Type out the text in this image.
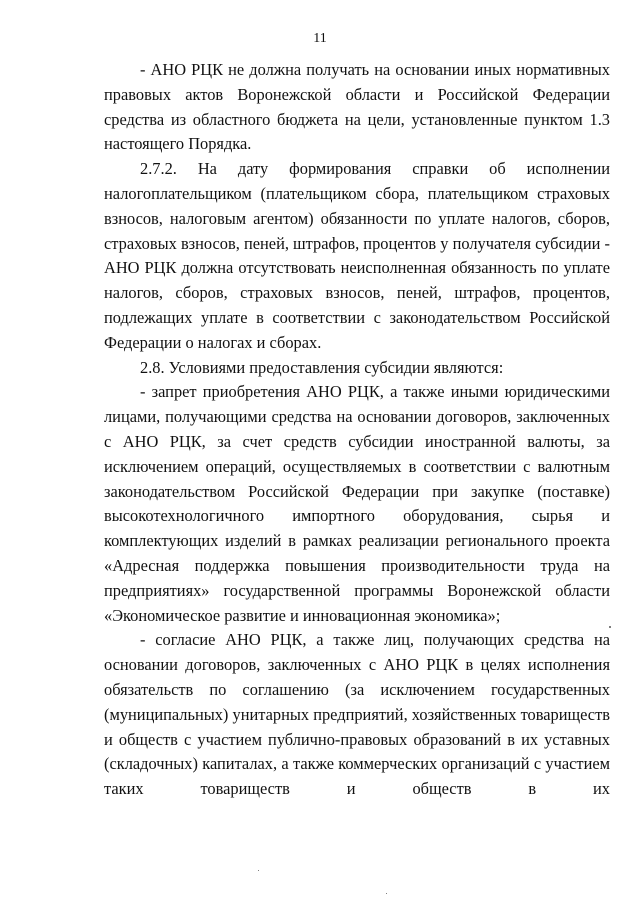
11

- АНО РЦК не должна получать на основании иных нормативных правовых актов Воронежской области и Российской Федерации средства из областного бюджета на цели, установленные пунктом 1.3 настоящего Порядка.

2.7.2. На дату формирования справки об исполнении налогоплательщиком (плательщиком сбора, плательщиком страховых взносов, налоговым агентом) обязанности по уплате налогов, сборов, страховых взносов, пеней, штрафов, процентов у получателя субсидии - АНО РЦК должна отсутствовать неисполненная обязанность по уплате налогов, сборов, страховых взносов, пеней, штрафов, процентов, подлежащих уплате в соответствии с законодательством Российской Федерации о налогах и сборах.

2.8. Условиями предоставления субсидии являются:

- запрет приобретения АНО РЦК, а также иными юридическими лицами, получающими средства на основании договоров, заключенных с АНО РЦК, за счет средств субсидии иностранной валюты, за исключением операций, осуществляемых в соответствии с валютным законодательством Российской Федерации при закупке (поставке) высокотехнологичного импортного оборудования, сырья и комплектующих изделий в рамках реализации регионального проекта «Адресная поддержка повышения производительности труда на предприятиях» государственной программы Воронежской области «Экономическое развитие и инновационная экономика»;

- согласие АНО РЦК, а также лиц, получающих средства на основании договоров, заключенных с АНО РЦК в целях исполнения обязательств по соглашению (за исключением государственных (муниципальных) унитарных предприятий, хозяйственных товариществ и обществ с участием публично-правовых образований в их уставных (складочных) капиталах, а также коммерческих организаций с участием таких товариществ и обществ в их
